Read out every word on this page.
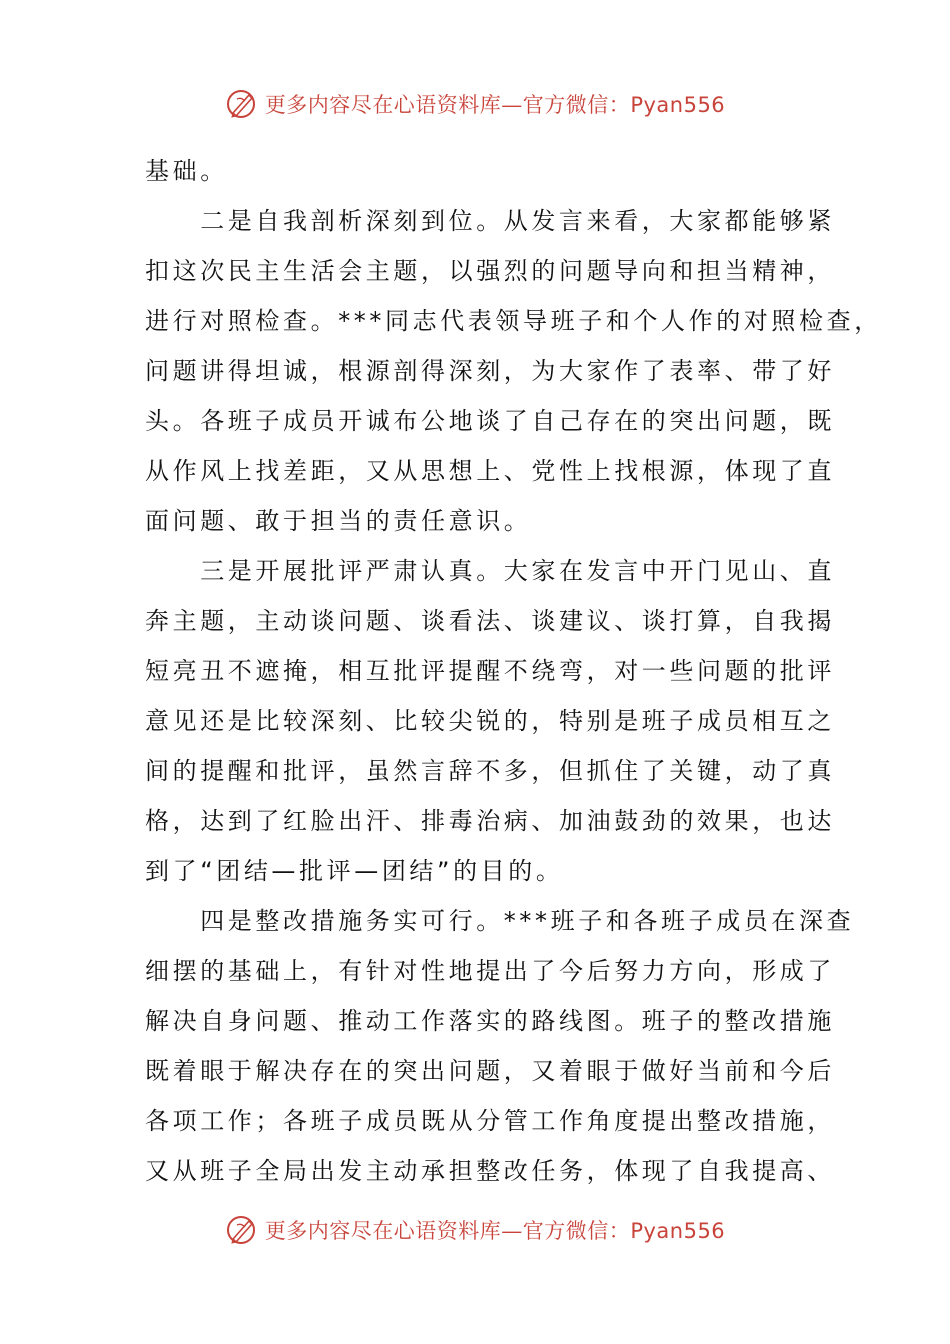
更多内容尽在心语资料库—官方微信：Pyan556
基础。
　　二是自我剖析深刻到位。从发言来看，大家都能够紧
扣这次民主生活会主题，以强烈的问题导向和担当精神，
进行对照检查。***同志代表领导班子和个人作的对照检查，
问题讲得坦诚，根源剖得深刻，为大家作了表率、带了好
头。各班子成员开诚布公地谈了自己存在的突出问题，既
从作风上找差距，又从思想上、党性上找根源，体现了直
面问题、敢于担当的责任意识。
　　三是开展批评严肃认真。大家在发言中开门见山、直
奔主题，主动谈问题、谈看法、谈建议、谈打算，自我揭
短亮丑不遮掩，相互批评提醒不绕弯，对一些问题的批评
意见还是比较深刻、比较尖锐的，特别是班子成员相互之
间的提醒和批评，虽然言辞不多，但抓住了关键，动了真
格，达到了红脸出汗、排毒治病、加油鼓劲的效果，也达
到了“团结—批评—团结”的目的。
　　四是整改措施务实可行。***班子和各班子成员在深查
细摆的基础上，有针对性地提出了今后努力方向，形成了
解决自身问题、推动工作落实的路线图。班子的整改措施
既着眼于解决存在的突出问题，又着眼于做好当前和今后
各项工作；各班子成员既从分管工作角度提出整改措施，
又从班子全局出发主动承担整改任务，体现了自我提高、
更多内容尽在心语资料库—官方微信：Pyan556
